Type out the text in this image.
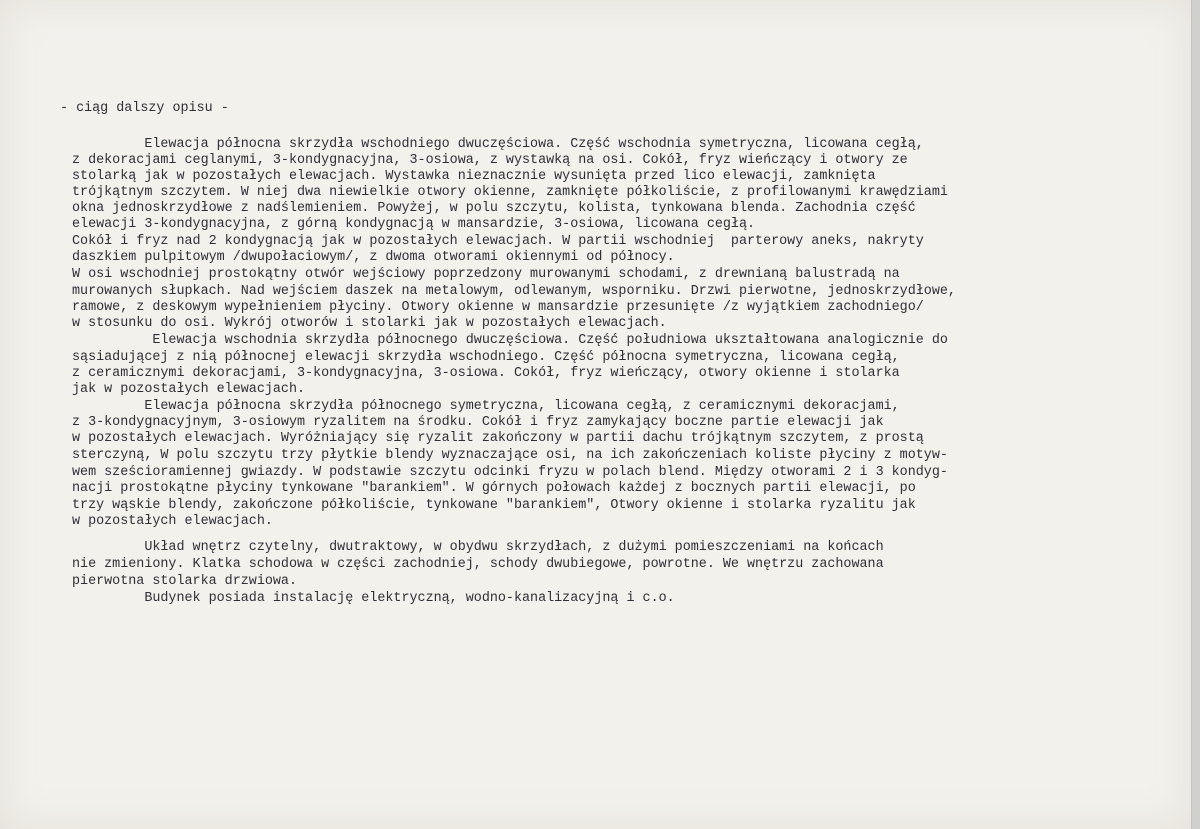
- ciąg dalszy opisu -

Elewacja północna skrzydła wschodniego dwuczęściowa. Część wschodnia symetryczna, licowana cegłą,

z dekoracjami ceglanymi, 3-kondygnacyjna, 3-osiowa, z wystawką na osi. Cokół, fryz wieńczący i otwory ze

stolarką jak w pozostałych elewacjach. Wystawka nieznacznie wysunięta przed lico elewacji, zamknięta

trójkątnym szczytem. W niej dwa niewielkie otwory okienne, zamknięte półkoliście, z profilowanymi krawędziami

okna jednoskrzydłowe z nadślemieniem. Powyżej, w polu szczytu, kolista, tynkowana blenda. Zachodnia część

elewacji 3-kondygnacyjna, z górną kondygnacją w mansardzie, 3-osiowa, licowana cegłą.

Cokół i fryz nad 2 kondygnacją jak w pozostałych elewacjach. W partii wschodniej  parterowy aneks, nakryty

daszkiem pulpitowym /dwupołaciowym/, z dwoma otworami okiennymi od północy.

W osi wschodniej prostokątny otwór wejściowy poprzedzony murowanymi schodami, z drewnianą balustradą na

murowanych słupkach. Nad wejściem daszek na metalowym, odlewanym, wsporniku. Drzwi pierwotne, jednoskrzydłowe,

ramowe, z deskowym wypełnieniem płyciny. Otwory okienne w mansardzie przesunięte /z wyjątkiem zachodniego/

w stosunku do osi. Wykrój otworów i stolarki jak w pozostałych elewacjach.

Elewacja wschodnia skrzydła północnego dwuczęściowa. Część południowa ukształtowana analogicznie do

sąsiadującej z nią północnej elewacji skrzydła wschodniego. Część północna symetryczna, licowana cegłą,

z ceramicznymi dekoracjami, 3-kondygnacyjna, 3-osiowa. Cokół, fryz wieńczący, otwory okienne i stolarka

jak w pozostałych elewacjach.

Elewacja północna skrzydła północnego symetryczna, licowana cegłą, z ceramicznymi dekoracjami,

z 3-kondygnacyjnym, 3-osiowym ryzalitem na środku. Cokół i fryz zamykający boczne partie elewacji jak

w pozostałych elewacjach. Wyróżniający się ryzalit zakończony w partii dachu trójkątnym szczytem, z prostą

sterczyną, W polu szczytu trzy płytkie blendy wyznaczające osi, na ich zakończeniach koliste płyciny z motyw-

wem sześcioramiennej gwiazdy. W podstawie szczytu odcinki fryzu w polach blend. Między otworami 2 i 3 kondyg-

nacji prostokątne płyciny tynkowane "barankiem". W górnych połowach każdej z bocznych partii elewacji, po

trzy wąskie blendy, zakończone półkoliście, tynkowane "barankiem", Otwory okienne i stolarka ryzalitu jak

w pozostałych elewacjach.

Układ wnętrz czytelny, dwutraktowy, w obydwu skrzydłach, z dużymi pomieszczeniami na końcach

nie zmieniony. Klatka schodowa w części zachodniej, schody dwubiegowe, powrotne. We wnętrzu zachowana

pierwotna stolarka drzwiowa.

Budynek posiada instalację elektryczną, wodno-kanalizacyjną i c.o.
